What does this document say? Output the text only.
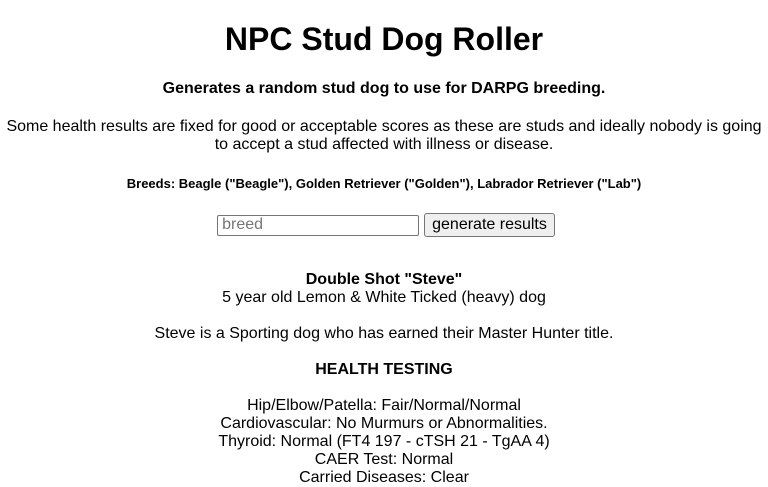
NPC Stud Dog Roller
Generates a random stud dog to use for DARPG breeding.
Some health results are fixed for good or acceptable scores as these are studs and ideally nobody is going to accept a stud affected with illness or disease.
Breeds: Beagle ("Beagle"), Golden Retriever ("Golden"), Labrador Retriever ("Lab")
breed
generate results
Double Shot "Steve"
5 year old Lemon & White Ticked (heavy) dog
Steve is a Sporting dog who has earned their Master Hunter title.
HEALTH TESTING
Hip/Elbow/Patella: Fair/Normal/Normal
Cardiovascular: No Murmurs or Abnormalities.
Thyroid: Normal (FT4 197 - cTSH 21 - TgAA 4)
CAER Test: Normal
Carried Diseases: Clear
